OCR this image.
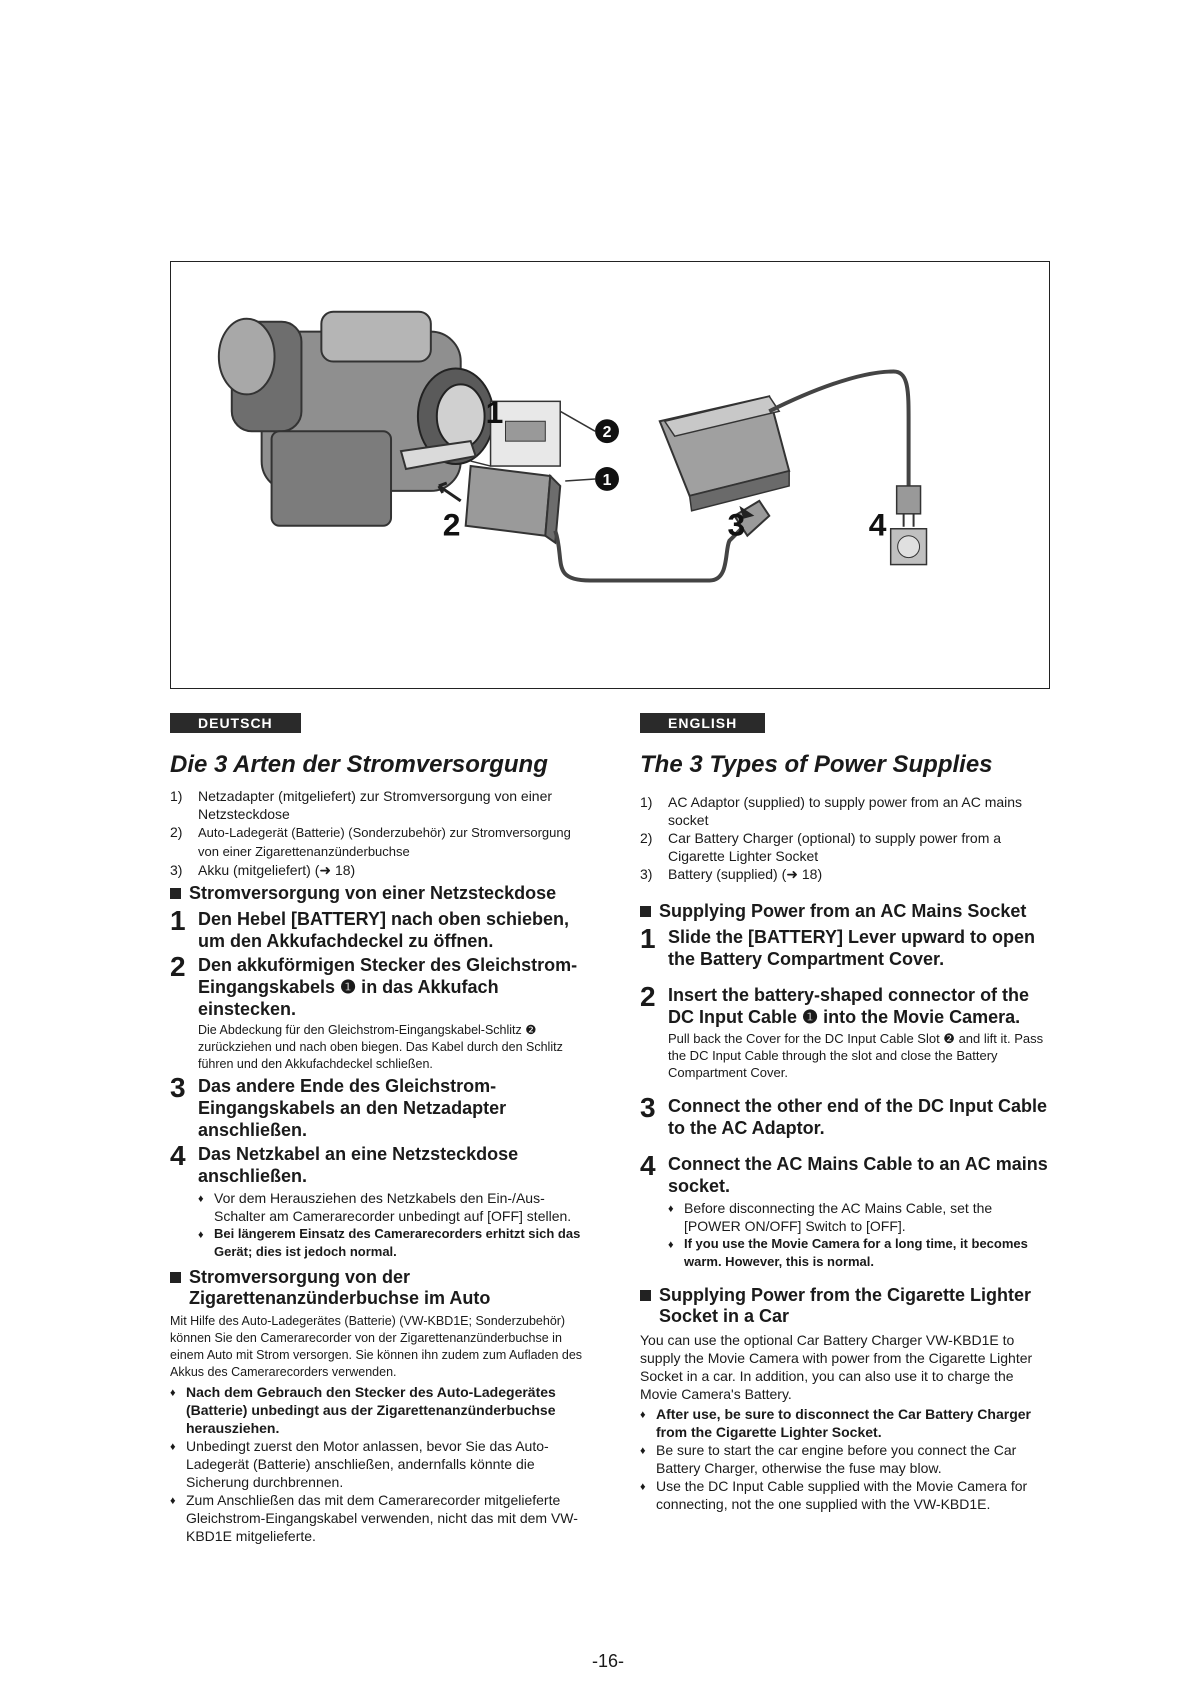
2
1
1
2	3	4
DEUTSCH
Die 3 Arten der Stromversorgung
1) Netzadapter (mitgeliefert) zur Stromversorgung von einer Netzsteckdose
2) Auto-Ladegerät (Batterie) (Sonderzubehör) zur Stromversorgung von einer Zigarettenanzünderbuchse
3) Akku (mitgeliefert) (➜ 18)
Stromversorgung von einer Netzsteckdose
1 Den Hebel [BATTERY] nach oben schieben, um den Akkufachdeckel zu öffnen.
2 Den akkuförmigen Stecker des Gleichstrom-Eingangskabels ❶ in das Akkufach einstecken.
Die Abdeckung für den Gleichstrom-Eingangskabel-Schlitz ❷ zurückziehen und nach oben biegen. Das Kabel durch den Schlitz führen und den Akkufachdeckel schließen.
3 Das andere Ende des Gleichstrom-Eingangskabels an den Netzadapter anschließen.
4 Das Netzkabel an eine Netzsteckdose anschließen.
♦ Vor dem Herausziehen des Netzkabels den Ein-/Aus-Schalter am Camerarecorder unbedingt auf [OFF] stellen.
♦ Bei längerem Einsatz des Camerarecorders erhitzt sich das Gerät; dies ist jedoch normal.
Stromversorgung von der Zigarettenanzünderbuchse im Auto
Mit Hilfe des Auto-Ladegerätes (Batterie) (VW-KBD1E; Sonderzubehör) können Sie den Camerarecorder von der Zigarettenanzünderbuchse in einem Auto mit Strom versorgen. Sie können ihn zudem zum Aufladen des Akkus des Camerarecorders verwenden.
♦ Nach dem Gebrauch den Stecker des Auto-Ladegerätes (Batterie) unbedingt aus der Zigarettenanzünderbuchse herausziehen.
♦ Unbedingt zuerst den Motor anlassen, bevor Sie das Auto-Ladegerät (Batterie) anschließen, andernfalls könnte die Sicherung durchbrennen.
♦ Zum Anschließen das mit dem Camerarecorder mitgelieferte Gleichstrom-Eingangskabel verwenden, nicht das mit dem VW-KBD1E mitgelieferte.
ENGLISH
The 3 Types of Power Supplies
1) AC Adaptor (supplied) to supply power from an AC mains socket
2) Car Battery Charger (optional) to supply power from a Cigarette Lighter Socket
3) Battery (supplied) (➜ 18)
Supplying Power from an AC Mains Socket
1 Slide the [BATTERY] Lever upward to open the Battery Compartment Cover.
2 Insert the battery-shaped connector of the DC Input Cable ❶ into the Movie Camera.
Pull back the Cover for the DC Input Cable Slot ❷ and lift it. Pass the DC Input Cable through the slot and close the Battery Compartment Cover.
3 Connect the other end of the DC Input Cable to the AC Adaptor.
4 Connect the AC Mains Cable to an AC mains socket.
♦ Before disconnecting the AC Mains Cable, set the [POWER ON/OFF] Switch to [OFF].
♦ If you use the Movie Camera for a long time, it becomes warm. However, this is normal.
Supplying Power from the Cigarette Lighter Socket in a Car
You can use the optional Car Battery Charger VW-KBD1E to supply the Movie Camera with power from the Cigarette Lighter Socket in a car. In addition, you can also use it to charge the Movie Camera's Battery.
♦ After use, be sure to disconnect the Car Battery Charger from the Cigarette Lighter Socket.
♦ Be sure to start the car engine before you connect the Car Battery Charger, otherwise the fuse may blow.
♦ Use the DC Input Cable supplied with the Movie Camera for connecting, not the one supplied with the VW-KBD1E.
-16-
